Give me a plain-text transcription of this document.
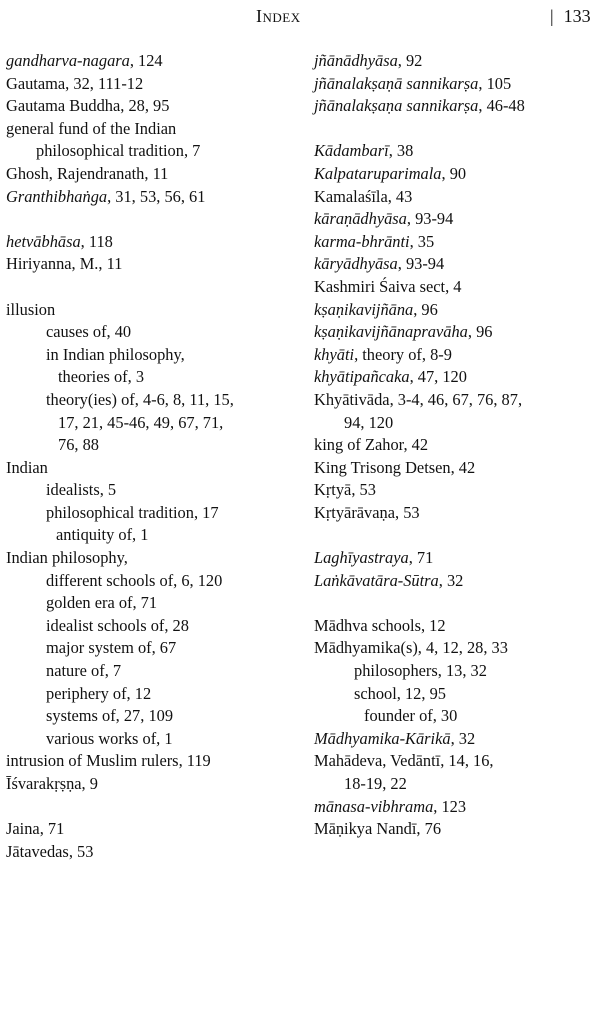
Index	| 133
gandharva-nagara, 124
Gautama, 32, 111-12
Gautama Buddha, 28, 95
general fund of the Indian
philosophical tradition, 7
Ghosh, Rajendranath, 11
Granthibhaṅga, 31, 53, 56, 61
hetvābhāsa, 118
Hiriyanna, M., 11
illusion
causes of, 40
in Indian philosophy,
theories of, 3
theory(ies) of, 4-6, 8, 11, 15,
17, 21, 45-46, 49, 67, 71,
76, 88
Indian
idealists, 5
philosophical tradition, 17
antiquity of, 1
Indian philosophy,
different schools of, 6, 120
golden era of, 71
idealist schools of, 28
major system of, 67
nature of, 7
periphery of, 12
systems of, 27, 109
various works of, 1
intrusion of Muslim rulers, 119
Īśvarakṛṣṇa, 9
Jaina, 71
Jātavedas, 53
jñānādhyāsa, 92
jñānalakṣaṇā sannikarṣa, 105
jñānalakṣaṇa sannikarṣa, 46-48
Kādambarī, 38
Kalpataruparimala, 90
Kamalaśīla, 43
kāraṇādhyāsa, 93-94
karma-bhrānti, 35
kāryādhyāsa, 93-94
Kashmiri Śaiva sect, 4
kṣaṇikavijñāna, 96
kṣaṇikavijñānapravāha, 96
khyāti, theory of, 8-9
khyātipañcaka, 47, 120
Khyātivāda, 3-4, 46, 67, 76, 87,
94, 120
king of Zahor, 42
King Trisong Detsen, 42
Kṛtyā, 53
Kṛtyārāvaṇa, 53
Laghīyastraya, 71
Laṅkāvatāra-Sūtra, 32
Mādhva schools, 12
Mādhyamika(s), 4, 12, 28, 33
philosophers, 13, 32
school, 12, 95
founder of, 30
Mādhyamika-Kārikā, 32
Mahādeva, Vedāntī, 14, 16,
18-19, 22
mānasa-vibhrama, 123
Māṇikya Nandī, 76
